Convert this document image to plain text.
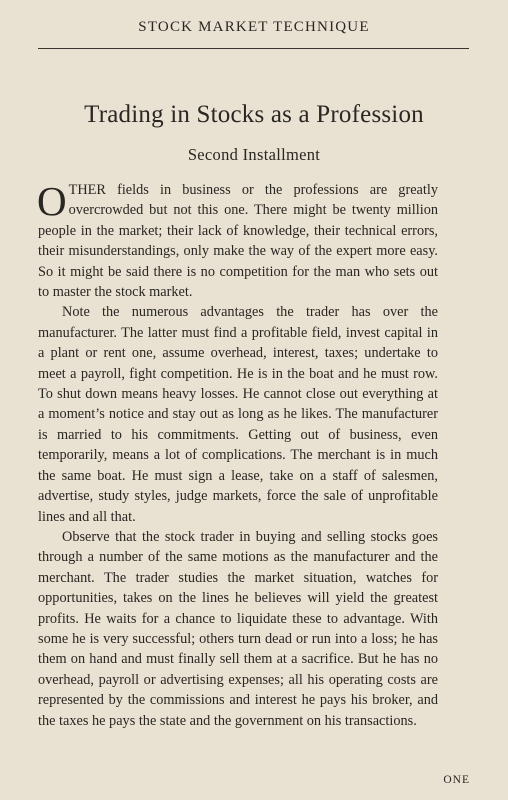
STOCK MARKET TECHNIQUE
Trading in Stocks as a Profession
Second Installment

OTHER fields in business or the professions are greatly overcrowded but not this one. There might be twenty million people in the market; their lack of knowledge, their technical errors, their misunderstandings, only make the way of the expert more easy. So it might be said there is no competition for the man who sets out to master the stock market.

Note the numerous advantages the trader has over the manufacturer. The latter must find a profitable field, invest capital in a plant or rent one, assume overhead, interest, taxes; undertake to meet a payroll, fight competition. He is in the boat and he must row. To shut down means heavy losses. He cannot close out everything at a moment’s notice and stay out as long as he likes. The manufacturer is married to his commitments. Getting out of business, even temporarily, means a lot of complications. The merchant is in much the same boat. He must sign a lease, take on a staff of salesmen, advertise, study styles, judge markets, force the sale of unprofitable lines and all that.

Observe that the stock trader in buying and selling stocks goes through a number of the same motions as the manufacturer and the merchant. The trader studies the market situation, watches for opportunities, takes on the lines he believes will yield the greatest profits. He waits for a chance to liquidate these to advantage. With some he is very successful; others turn dead or run into a loss; he has them on hand and must finally sell them at a sacrifice. But he has no overhead, payroll or advertising expenses; all his operating costs are represented by the commissions and interest he pays his broker, and the taxes he pays the state and the government on his transactions.

ONE
